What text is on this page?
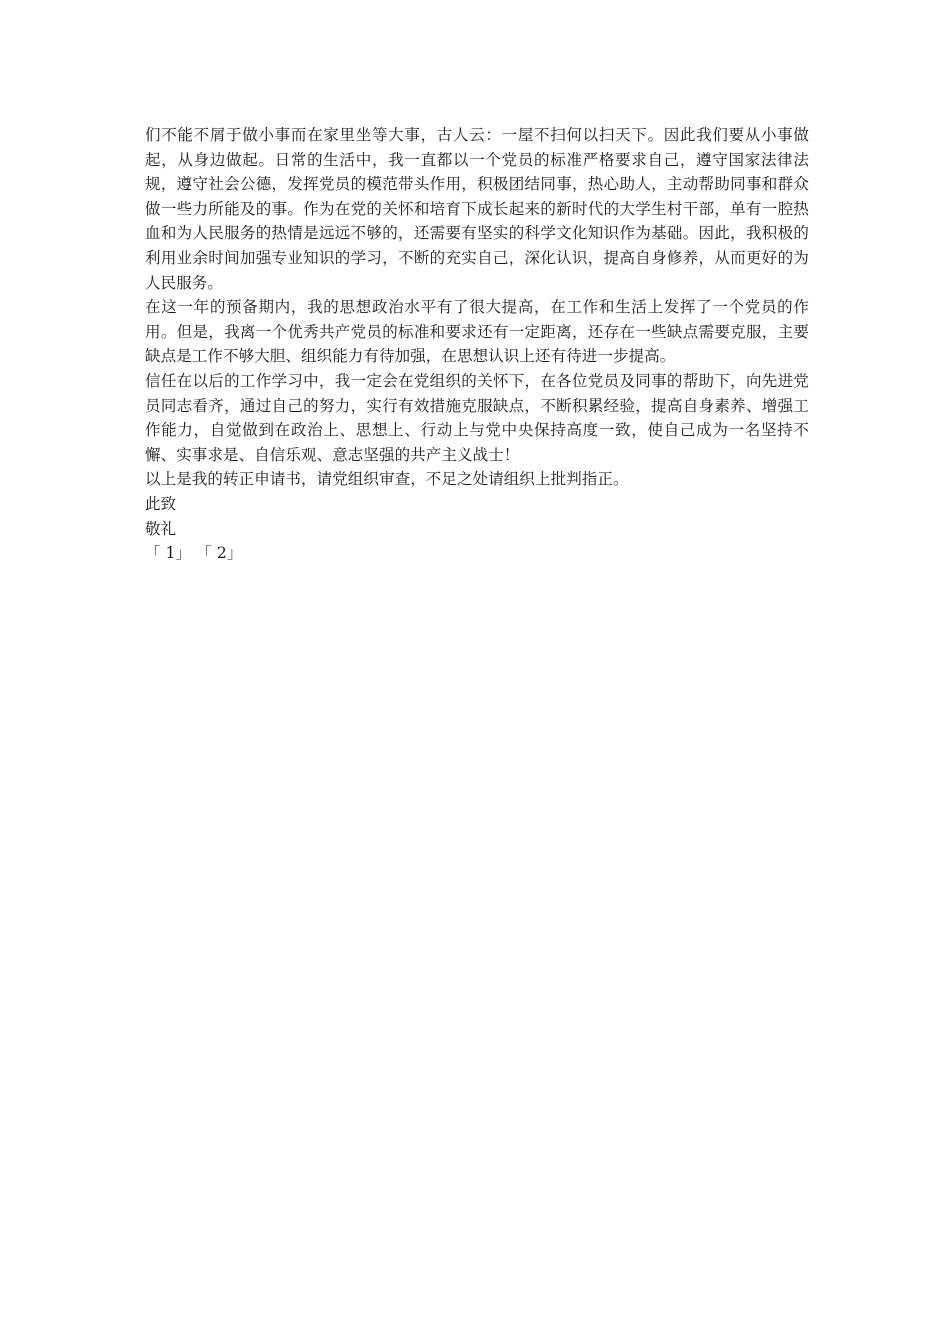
们不能不屑于做小事而在家里坐等大事，古人云：一屋不扫何以扫天下。因此我们要从小事做起，从身边做起。日常的生活中，我一直都以一个党员的标准严格要求自己，遵守国家法律法规，遵守社会公德，发挥党员的模范带头作用，积极团结同事，热心助人，主动帮助同事和群众做一些力所能及的事。作为在党的关怀和培育下成长起来的新时代的大学生村干部，单有一腔热血和为人民服务的热情是远远不够的，还需要有坚实的科学文化知识作为基础。因此，我积极的利用业余时间加强专业知识的学习，不断的充实自己，深化认识，提高自身修养，从而更好的为人民服务。

在这一年的预备期内，我的思想政治水平有了很大提高，在工作和生活上发挥了一个党员的作用。但是，我离一个优秀共产党员的标准和要求还有一定距离，还存在一些缺点需要克服，主要缺点是工作不够大胆、组织能力有待加强，在思想认识上还有待进一步提高。

信任在以后的工作学习中，我一定会在党组织的关怀下，在各位党员及同事的帮助下，向先进党员同志看齐，通过自己的努力，实行有效措施克服缺点，不断积累经验，提高自身素养、增强工作能力，自觉做到在政治上、思想上、行动上与党中央保持高度一致，使自己成为一名坚持不懈、实事求是、自信乐观、意志坚强的共产主义战士！

以上是我的转正申请书，请党组织审查，不足之处请组织上批判指正。

此致

敬礼

「 1」 「 2」
